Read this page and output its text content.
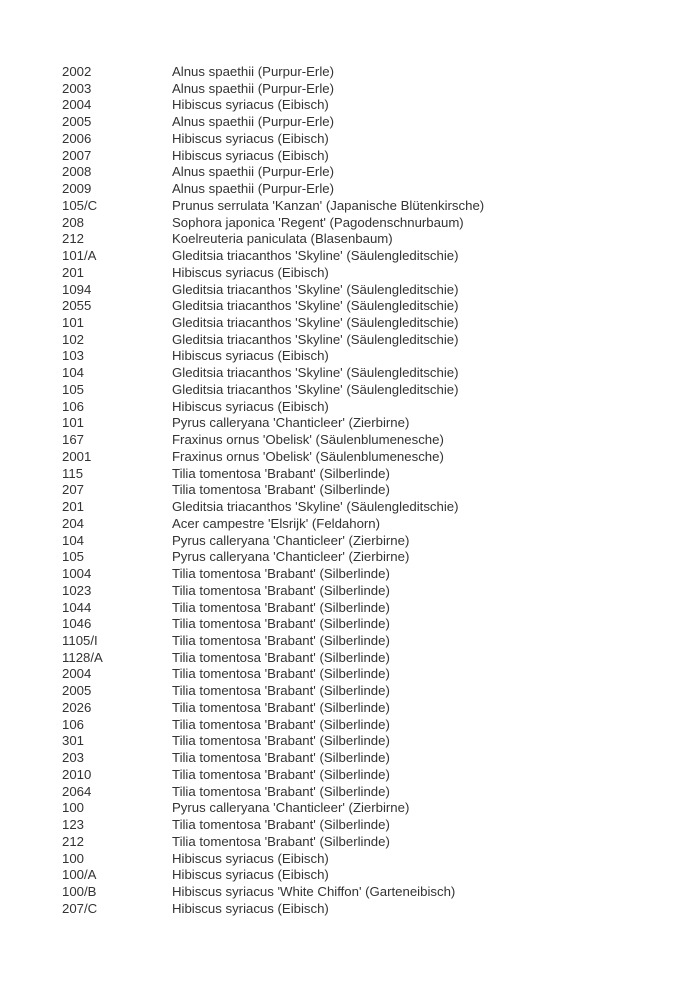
2002	Alnus spaethii (Purpur-Erle)
2003	Alnus spaethii (Purpur-Erle)
2004	Hibiscus syriacus (Eibisch)
2005	Alnus spaethii (Purpur-Erle)
2006	Hibiscus syriacus (Eibisch)
2007	Hibiscus syriacus (Eibisch)
2008	Alnus spaethii (Purpur-Erle)
2009	Alnus spaethii (Purpur-Erle)
105/C	Prunus serrulata 'Kanzan' (Japanische Blütenkirsche)
208	Sophora japonica 'Regent' (Pagodenschnurbaum)
212	Koelreuteria paniculata (Blasenbaum)
101/A	Gleditsia triacanthos 'Skyline' (Säulengleditschie)
201	Hibiscus syriacus (Eibisch)
1094	Gleditsia triacanthos 'Skyline' (Säulengleditschie)
2055	Gleditsia triacanthos 'Skyline' (Säulengleditschie)
101	Gleditsia triacanthos 'Skyline' (Säulengleditschie)
102	Gleditsia triacanthos 'Skyline' (Säulengleditschie)
103	Hibiscus syriacus (Eibisch)
104	Gleditsia triacanthos 'Skyline' (Säulengleditschie)
105	Gleditsia triacanthos 'Skyline' (Säulengleditschie)
106	Hibiscus syriacus (Eibisch)
101	Pyrus calleryana 'Chanticleer' (Zierbirne)
167	Fraxinus ornus 'Obelisk' (Säulenblumenesche)
2001	Fraxinus ornus 'Obelisk' (Säulenblumenesche)
115	Tilia tomentosa 'Brabant' (Silberlinde)
207	Tilia tomentosa 'Brabant' (Silberlinde)
201	Gleditsia triacanthos 'Skyline' (Säulengleditschie)
204	Acer campestre 'Elsrijk' (Feldahorn)
104	Pyrus calleryana 'Chanticleer' (Zierbirne)
105	Pyrus calleryana 'Chanticleer' (Zierbirne)
1004	Tilia tomentosa 'Brabant' (Silberlinde)
1023	Tilia tomentosa 'Brabant' (Silberlinde)
1044	Tilia tomentosa 'Brabant' (Silberlinde)
1046	Tilia tomentosa 'Brabant' (Silberlinde)
1105/I	Tilia tomentosa 'Brabant' (Silberlinde)
1128/A	Tilia tomentosa 'Brabant' (Silberlinde)
2004	Tilia tomentosa 'Brabant' (Silberlinde)
2005	Tilia tomentosa 'Brabant' (Silberlinde)
2026	Tilia tomentosa 'Brabant' (Silberlinde)
106	Tilia tomentosa 'Brabant' (Silberlinde)
301	Tilia tomentosa 'Brabant' (Silberlinde)
203	Tilia tomentosa 'Brabant' (Silberlinde)
2010	Tilia tomentosa 'Brabant' (Silberlinde)
2064	Tilia tomentosa 'Brabant' (Silberlinde)
100	Pyrus calleryana 'Chanticleer' (Zierbirne)
123	Tilia tomentosa 'Brabant' (Silberlinde)
212	Tilia tomentosa 'Brabant' (Silberlinde)
100	Hibiscus syriacus (Eibisch)
100/A	Hibiscus syriacus (Eibisch)
100/B	Hibiscus syriacus 'White Chiffon' (Garteneibisch)
207/C	Hibiscus syriacus (Eibisch)
